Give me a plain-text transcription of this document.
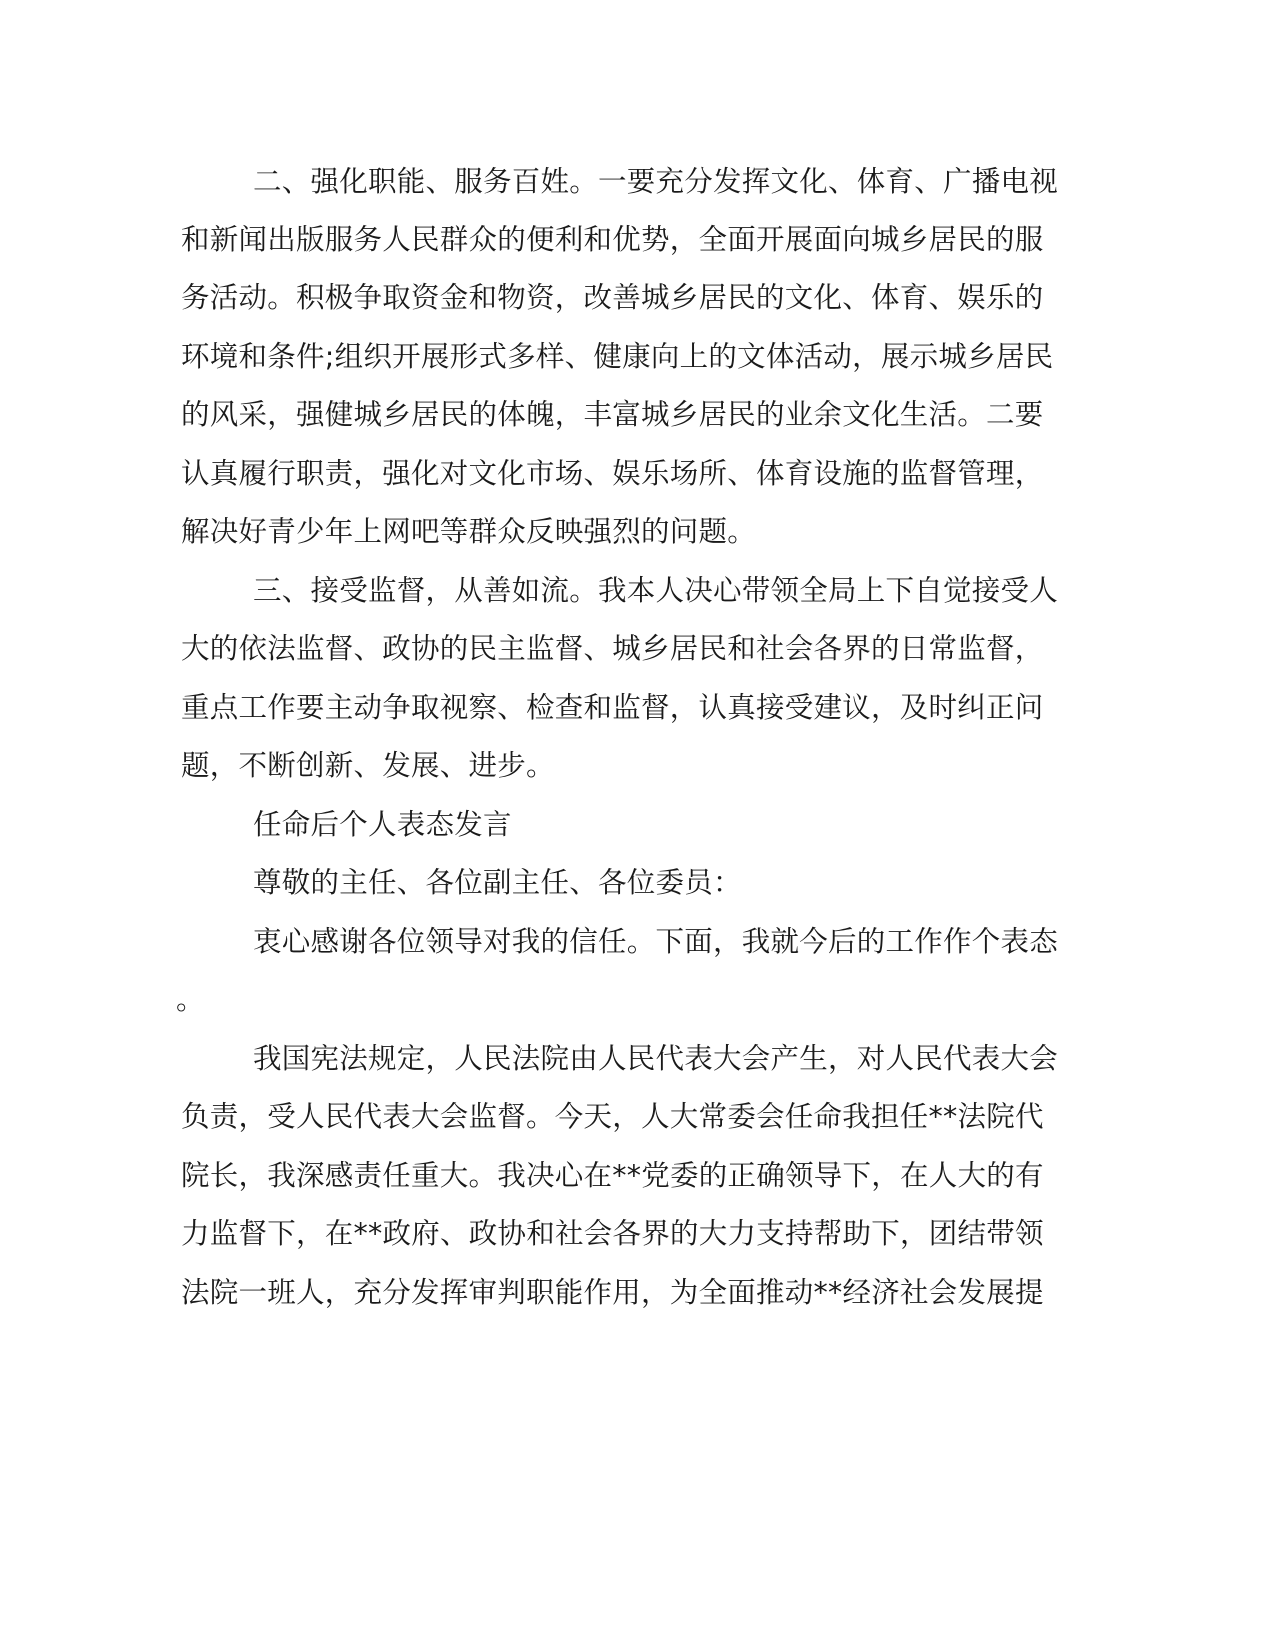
二、强化职能、服务百姓。一要充分发挥文化、体育、广播电视

和新闻出版服务人民群众的便利和优势，全面开展面向城乡居民的服

务活动。积极争取资金和物资，改善城乡居民的文化、体育、娱乐的

环境和条件;组织开展形式多样、健康向上的文体活动，展示城乡居民

的风采，强健城乡居民的体魄，丰富城乡居民的业余文化生活。二要

认真履行职责，强化对文化市场、娱乐场所、体育设施的监督管理，

解决好青少年上网吧等群众反映强烈的问题。

三、接受监督，从善如流。我本人决心带领全局上下自觉接受人

大的依法监督、政协的民主监督、城乡居民和社会各界的日常监督，

重点工作要主动争取视察、检查和监督，认真接受建议，及时纠正问

题，不断创新、发展、进步。

任命后个人表态发言

尊敬的主任、各位副主任、各位委员：

衷心感谢各位领导对我的信任。下面，我就今后的工作作个表态

。

我国宪法规定，人民法院由人民代表大会产生，对人民代表大会

负责，受人民代表大会监督。今天，人大常委会任命我担任**法院代

院长，我深感责任重大。我决心在**党委的正确领导下，在人大的有

力监督下，在**政府、政协和社会各界的大力支持帮助下，团结带领

法院一班人，充分发挥审判职能作用，为全面推动**经济社会发展提
